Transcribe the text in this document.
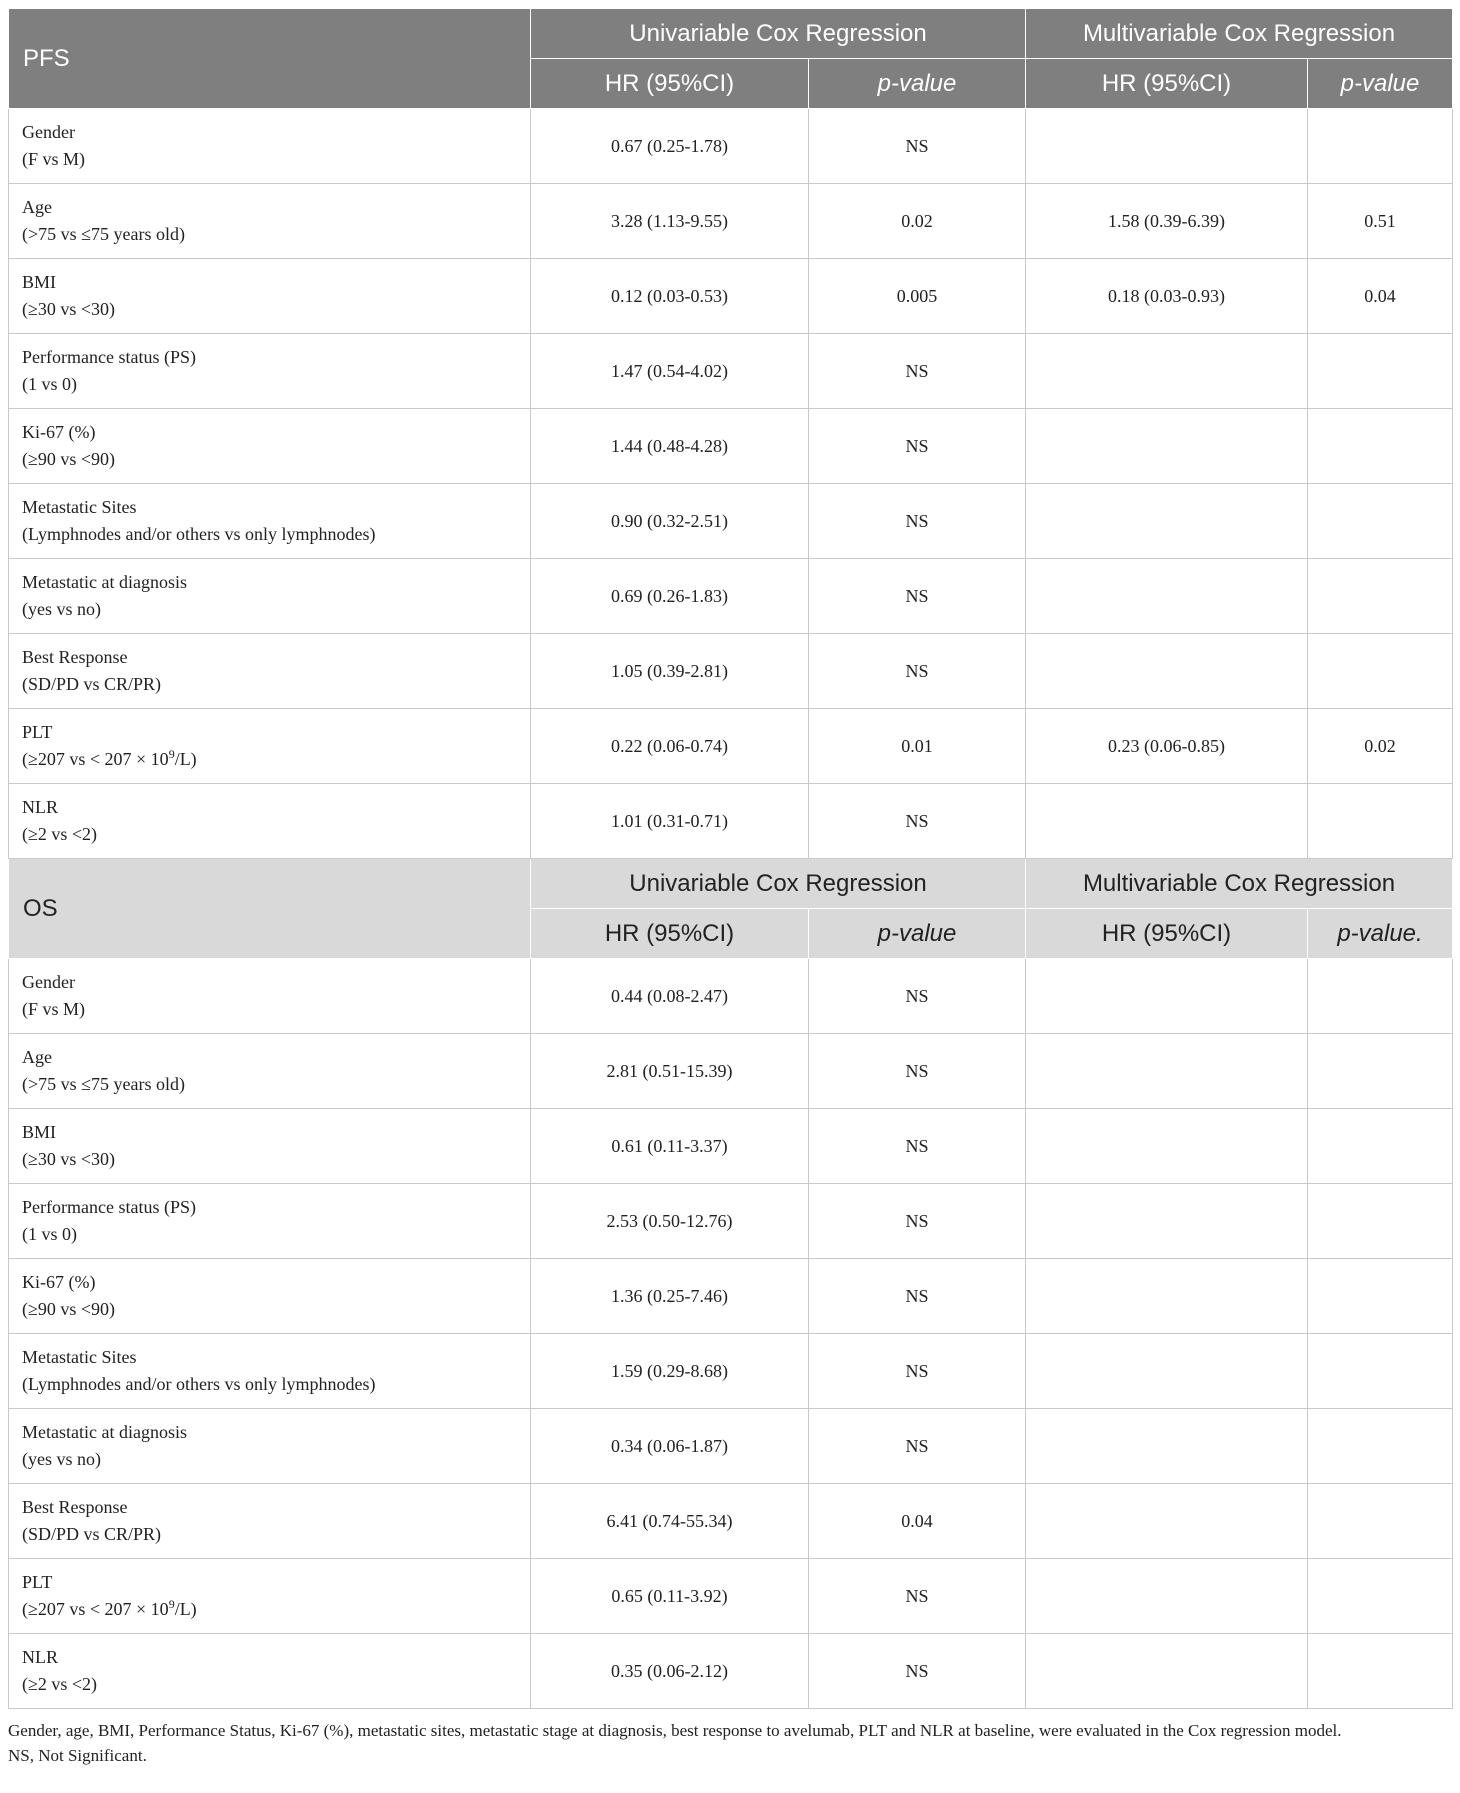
PFS	Univariable Cox Regression		Multivariable Cox Regression	
	HR (95%CI)	p-value	HR (95%CI)	p-value

Gender
(F vs M)	0.67 (0.25-1.78)	NS		

Age
(>75 vs ≤75 years old)	3.28 (1.13-9.55)	0.02	1.58 (0.39-6.39)	0.51

BMI
(≥30 vs <30)	0.12 (0.03-0.53)	0.005	0.18 (0.03-0.93)	0.04

Performance status (PS)
(1 vs 0)	1.47 (0.54-4.02)	NS		

Ki-67 (%)
(≥90 vs <90)	1.44 (0.48-4.28)	NS		

Metastatic Sites
(Lymphnodes and/or others vs only lymphnodes)	0.90 (0.32-2.51)	NS		

Metastatic at diagnosis
(yes vs no)	0.69 (0.26-1.83)	NS		

Best Response
(SD/PD vs CR/PR)	1.05 (0.39-2.81)	NS		

PLT
(≥207 vs < $207 \times 10^9/L$)	0.22 (0.06-0.74)	0.01	0.23 (0.06-0.85)	0.02

NLR
(≥2 vs <2)	1.01 (0.31-0.71)	NS		
OS	Univariable Cox Regression		Multivariable Cox Regression	
	HR (95%CI)	p-value	HR (95%CI)	p-value.

Gender
(F vs M)	0.44 (0.08-2.47)	NS		

Age
(>75 vs ≤75 years old)	2.81 (0.51-15.39)	NS		

BMI
(≥30 vs <30)	0.61 (0.11-3.37)	NS		

Performance status (PS)
(1 vs 0)	2.53 (0.50-12.76)	NS		

Ki-67 (%)
(≥90 vs <90)	1.36 (0.25-7.46)	NS		

Metastatic Sites
(Lymphnodes and/or others vs only lymphnodes)	1.59 (0.29-8.68)	NS		

Metastatic at diagnosis
(yes vs no)	0.34 (0.06-1.87)	NS		

Best Response
(SD/PD vs CR/PR)	6.41 (0.74-55.34)	0.04		

PLT
(≥207 vs < $207 \times 10^9/L$)	0.65 (0.11-3.92)	NS		

NLR
(≥2 vs <2)	0.35 (0.06-2.12)	NS		
Gender, age, BMI, Performance Status, Ki-67 (%), metastatic sites, metastatic stage at diagnosis, best response to avelumab, PLT and NLR at baseline, were evaluated in the Cox regression model.
NS, Not Significant.
